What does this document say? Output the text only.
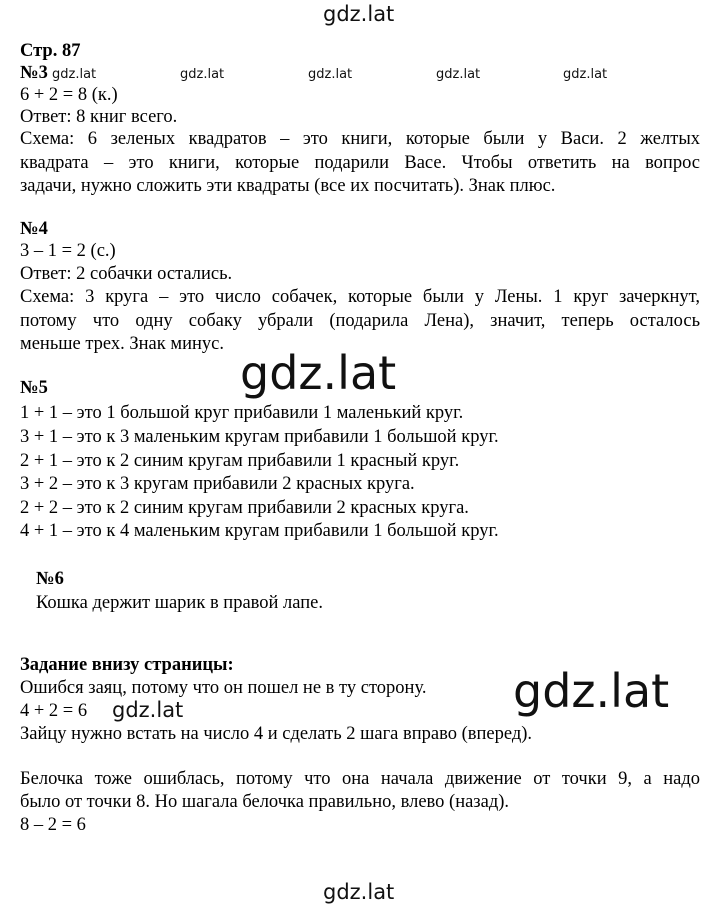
gdz.lat
gdz.lat	gdz.lat	gdz.lat	gdz.lat	gdz.lat
Стр. 87
№3
6 + 2 = 8 (к.)
Ответ: 8 книг всего.
Схема: 6 зеленых квадратов – это книги, которые были у Васи. 2 желтых
квадрата – это книги, которые подарили Васе. Чтобы ответить на вопрос
задачи, нужно сложить эти квадраты (все их посчитать). Знак плюс.
№4
3 – 1 = 2 (с.)
Ответ: 2 собачки остались.
Схема: 3 круга – это число собачек, которые были у Лены. 1 круг зачеркнут,
потому что одну собаку убрали (подарила Лена), значит, теперь осталось
меньше трех. Знак минус.
gdz.lat
№5
1 + 1 – это 1 большой круг прибавили 1 маленький круг.
3 + 1 – это к 3 маленьким кругам прибавили 1 большой круг.
2 + 1 – это к 2 синим кругам прибавили 1 красный круг.
3 + 2 – это к 3 кругам прибавили 2 красных круга.
2 + 2 – это к 2 синим кругам прибавили 2 красных круга.
4 + 1 – это к 4 маленьким кругам прибавили 1 большой круг.
№6
Кошка держит шарик в правой лапе.
Задание внизу страницы:
Ошибся заяц, потому что он пошел не в ту сторону.	gdz.lat
4 + 2 = 6	gdz.lat
Зайцу нужно встать на число 4 и сделать 2 шага вправо (вперед).
Белочка тоже ошиблась, потому что она начала движение от точки 9, а надо
было от точки 8. Но шагала белочка правильно, влево (назад).
8 – 2 = 6
gdz.lat
